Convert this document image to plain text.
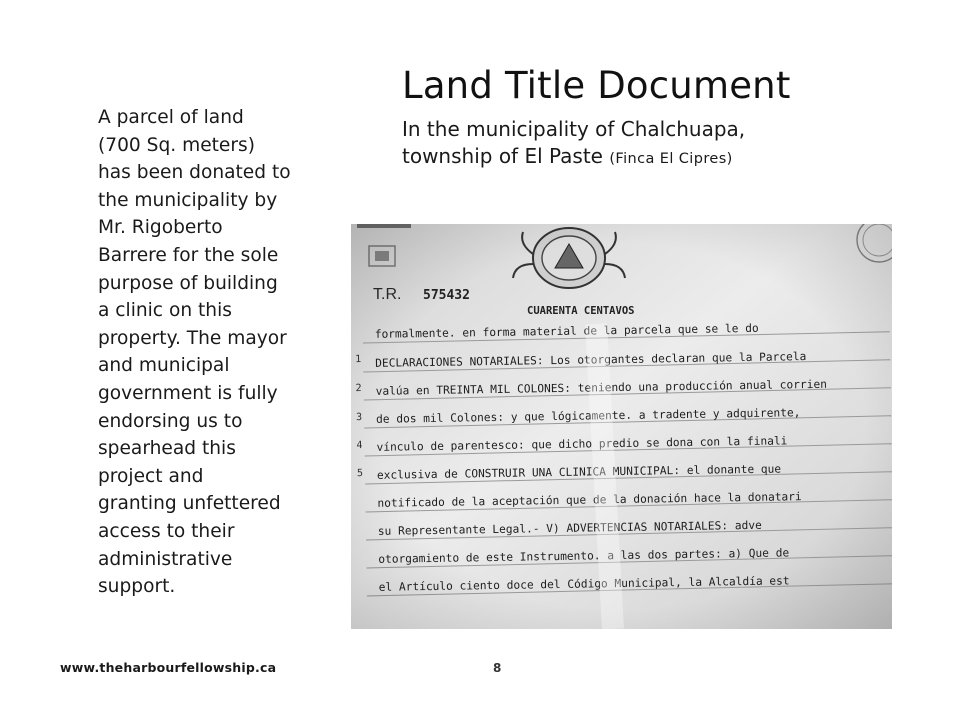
Land Title Document

In the municipality of Chalchuapa,
township of El Paste (Finca El Cipres)

A parcel of land
(700 Sq. meters)
has been donated to
the municipality by
Mr. Rigoberto
Barrere for the sole
purpose of building
a clinic on this
property. The mayor
and municipal
government is fully
endorsing us to
spearhead this
project and
granting unfettered
access to their
administrative
support.
www.theharbourfellowship.ca	8
